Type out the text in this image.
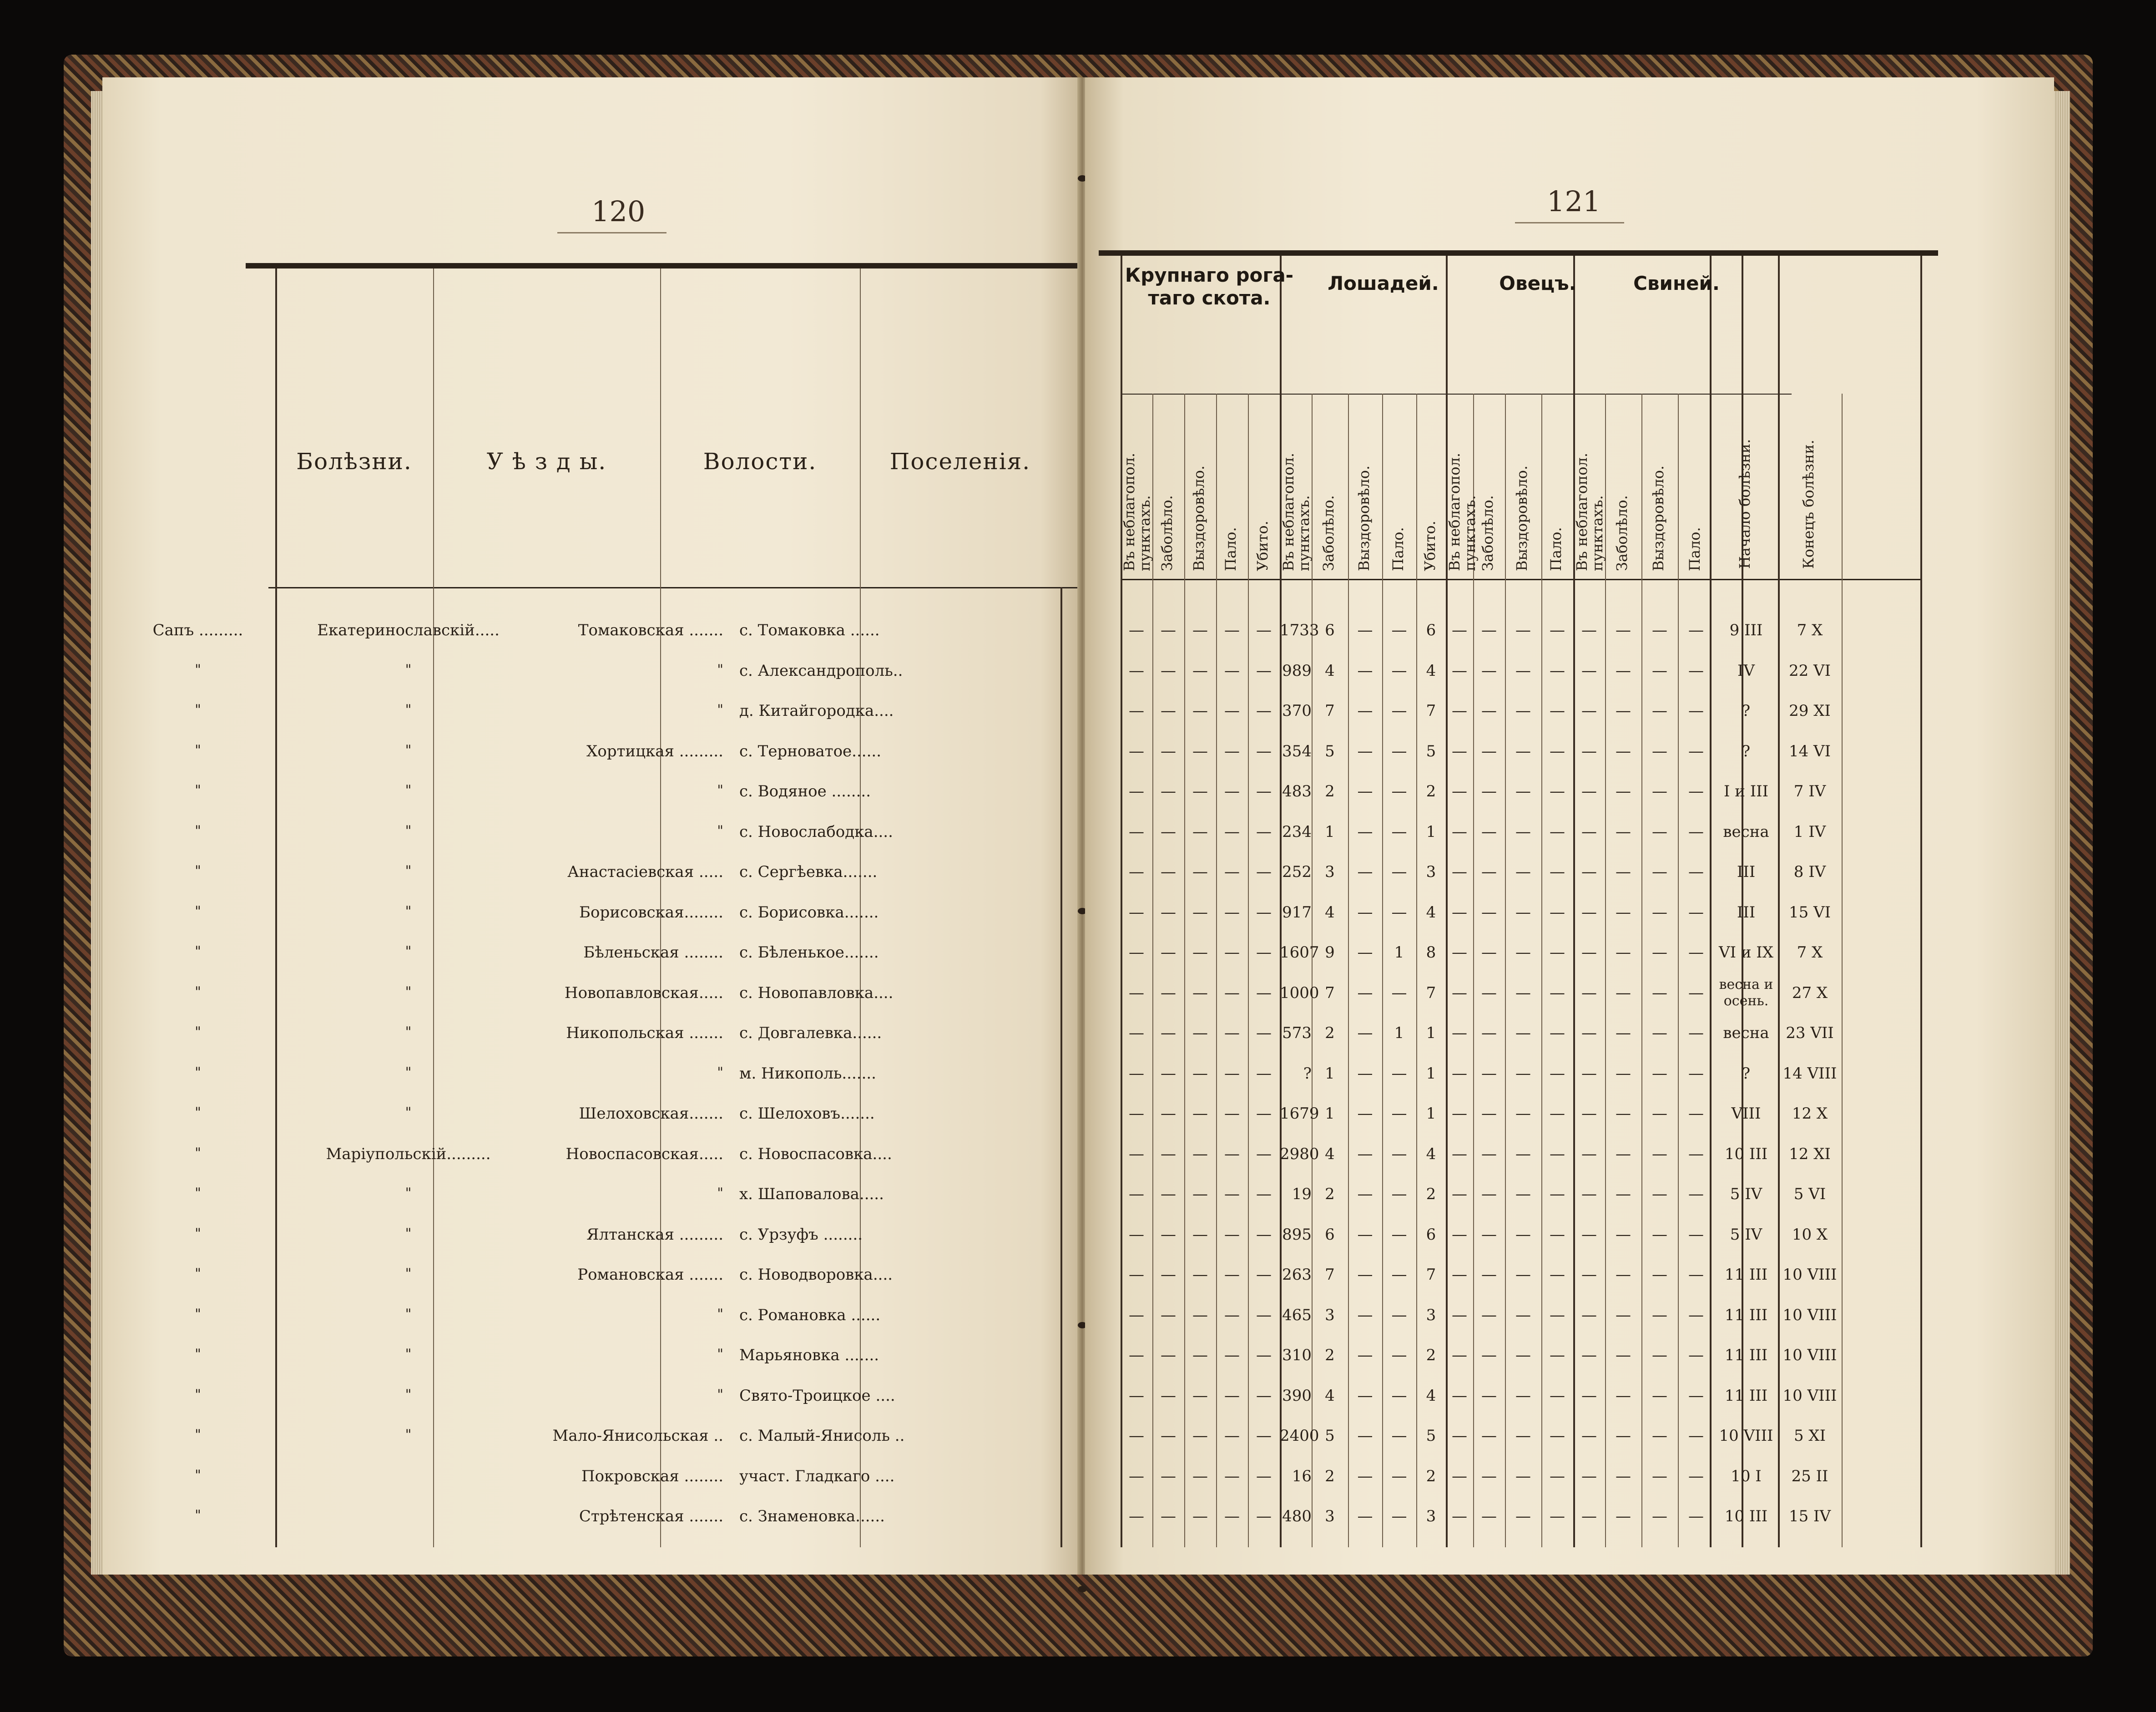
120
Болѣзни.	У ѣ з д ы.	Волости.	Поселенія.
Сапъ .........	Екатеринославскій.....	Томаковская ....... с. Томаковка ......
"	"	" с. Александрополь..
"	"	" д. Китайгородка....
"	"	Хортицкая ......... с. Терноватое......
"	"	" с. Водяное ........
"	"	" с. Новослабодка....
"	"	Анастасіевская ..... с. Сергѣевка.......
"	"	Борисовская........ с. Борисовка.......
"	"	Бѣленьская ........ с. Бѣленькое.......
"	"	Новопавловская..... с. Новопавловка....
"	"	Никопольская ....... с. Довгалевка......
"	"	" м. Никополь.......
"	"	Шелоховская....... с. Шелоховъ.......
"	Маріупольскій.........	Новоспасовская..... с. Новоспасовка....
"	"	" х. Шаповалова.....
"	"	Ялтанская ......... с. Урзуфъ ........
"	"	Романовская ....... с. Новодворовка....
"	"	" с. Романовка ......
"	"	" Марьяновка .......
"	"	" Свято-Троицкое ....
"	"	Мало-Янисольская .. с. Малый-Янисоль ..
"	Покровская ........ участ. Гладкаго ....
"	Стрѣтенская ....... с. Знаменовка......
121
Крупнаго рога- таго скота.
Лошадей.	Овецъ.	Свиней.
Въ неблагопол. пунктахъ. Заболѣло. Выздоровѣло. Пало. Убито. Въ неблагопол. пунктахъ. Заболѣло. Выздоровѣло. Пало. Убито. Въ неблагопол. пунктахъ. Заболѣло. Выздоровѣло. Пало. Въ неблагопол. пунктахъ. Заболѣло. Выздоровѣло. Пало. Начало болѣзни.	Конецъ болѣзни.
—	—	—	—	— 1733 6	—	—	6	— —	—	—	—	—	—	—	9 III	7 X
—	—	—	—	— 989 4	—	—	4	— —	—	—	—	—	—	—	IV	22 VI
—	—	—	—	— 370 7	—	—	7	— —	—	—	—	—	—	—	?	29 XI
—	—	—	—	— 354 5	—	—	5	— —	—	—	—	—	—	—	?	14 VI
—	—	—	—	— 483 2	—	—	2	— —	—	—	—	—	—	—	I и III	7 IV
—	—	—	—	— 234 1	—	—	1	— —	—	—	—	—	—	—	весна	1 IV
—	—	—	—	— 252 3	—	—	3	— —	—	—	—	—	—	—	III	8 IV
—	—	—	—	— 917 4	—	—	4	— —	—	—	—	—	—	—	III	15 VI
—	—	—	—	— 1607 9	—	1	8	— —	—	—	—	—	—	— VI и IX	7 X
—	—	—	—	— 1000 7	—	—	7	— —	—	—	—	—	—	—	весна и осень.	27 X
—	—	—	—	— 573 2	—	1	1	— —	—	—	—	—	—	—	весна	23 VII
—	—	—	—	—	? 1	—	—	1	— —	—	—	—	—	—	—	?	14 VIII
—	—	—	—	— 1679 1	—	—	1	— —	—	—	—	—	—	—	VIII	12 X
—	—	—	—	— 2980 4	—	—	4	— —	—	—	—	—	—	—	10 III	12 XI
—	—	—	—	—	19 2	—	—	2	— —	—	—	—	—	—	—	5 IV	5 VI
—	—	—	—	— 895 6	—	—	6	— —	—	—	—	—	—	—	5 IV	10 X
—	—	—	—	— 263 7	—	—	7	— —	—	—	—	—	—	—	11 III 10 VIII
—	—	—	—	— 465 3	—	—	3	— —	—	—	—	—	—	—	11 III 10 VIII
—	—	—	—	— 310 2	—	—	2	— —	—	—	—	—	—	—	11 III 10 VIII
—	—	—	—	— 390 4	—	—	4	— —	—	—	—	—	—	—	11 III 10 VIII
—	—	—	—	— 2400 5	—	—	5	— —	—	—	—	—	—	— 10 VIII	5 XI
—	—	—	—	—	16 2	—	—	2	— —	—	—	—	—	—	—	10 I	25 II
—	—	—	—	— 480 3	—	—	3	— —	—	—	—	—	—	—	10 III	15 IV
